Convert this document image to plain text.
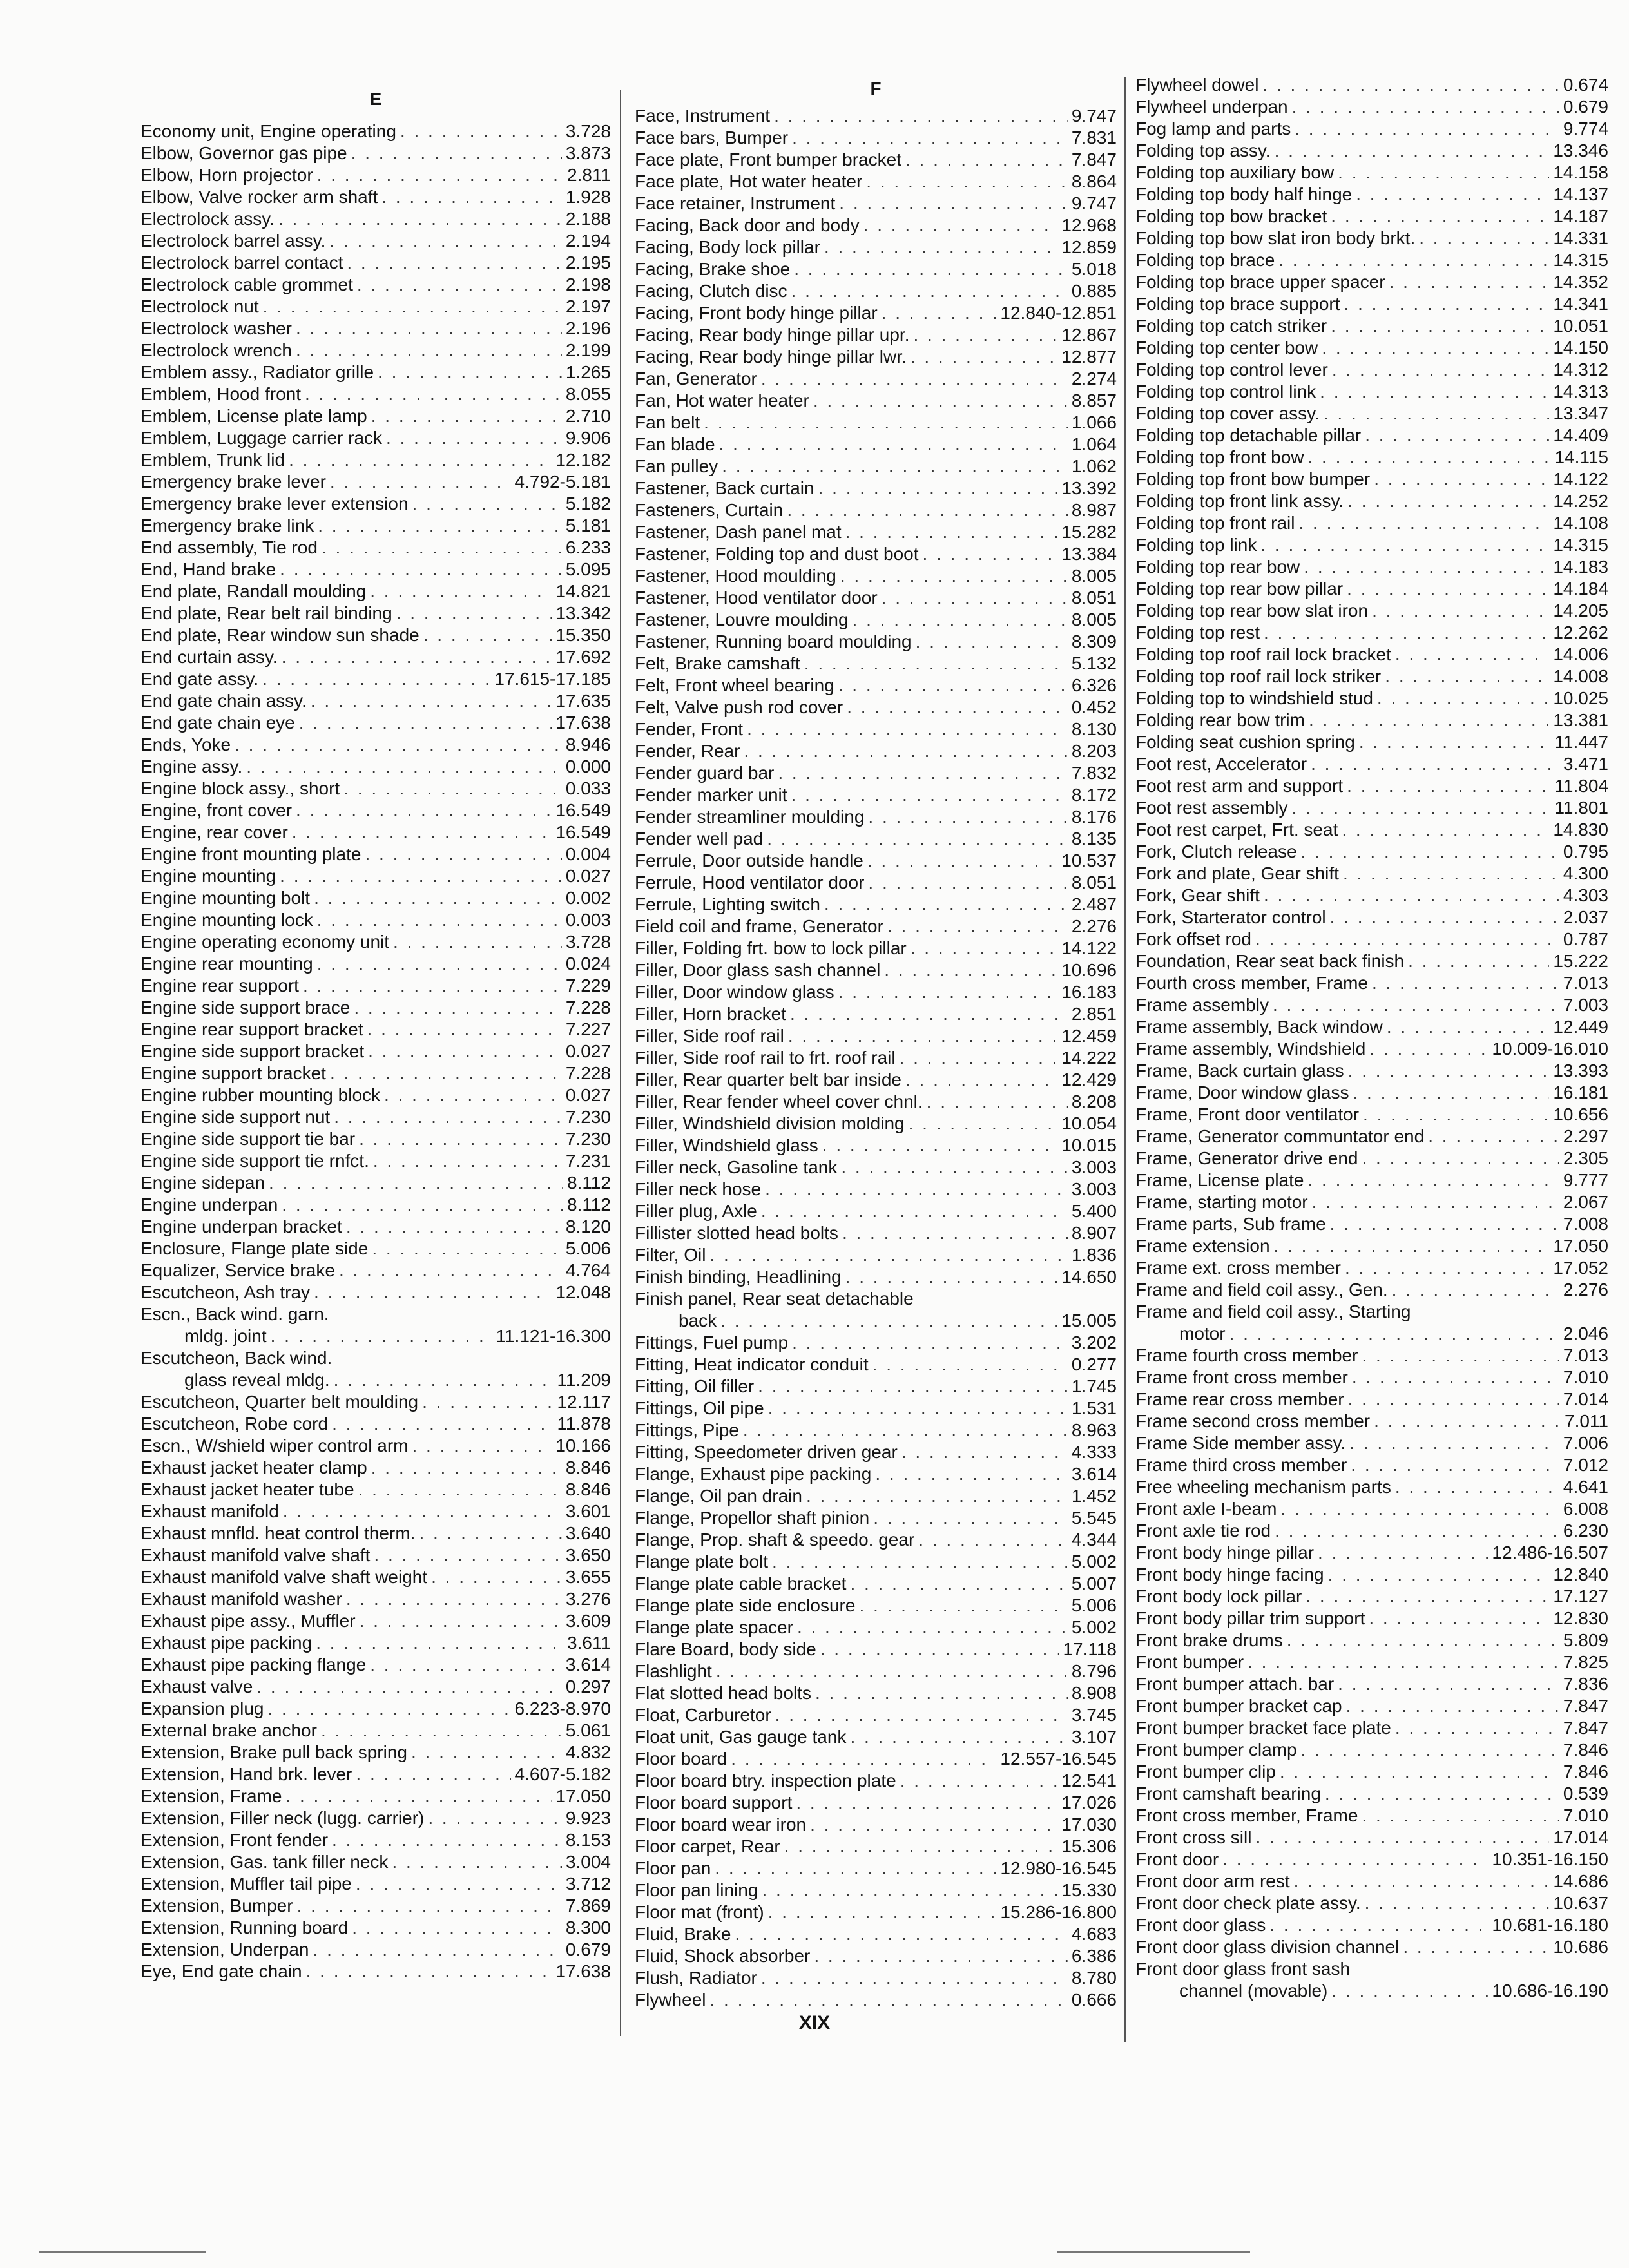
E
Economy unit, Engine operating . . .	3.728
Elbow, Governor gas pipe . . .	3.873
Elbow, Horn projector . . .	2.811
Elbow, Valve rocker arm shaft . . .	1.928
Electrolock assy. . . .	2.188
Electrolock barrel assy. . . .	2.194
Electrolock barrel contact . . .	2.195
Electrolock cable grommet . . .	2.198
Electrolock nut . . .	2.197
Electrolock washer . . .	2.196
Electrolock wrench . . .	2.199
Emblem assy., Radiator grille . . .	1.265
Emblem, Hood front . . .	8.055
Emblem, License plate lamp . . .	2.710
Emblem, Luggage carrier rack . . .	9.906
Emblem, Trunk lid . . .	12.182
Emergency brake lever . . .	4.792-5.181
Emergency brake lever extension . . .	5.182
Emergency brake link . . .	5.181
End assembly, Tie rod . . .	6.233
End, Hand brake . . .	5.095
End plate, Randall moulding . . .	14.821
End plate, Rear belt rail binding . . .	13.342
End plate, Rear window sun shade . . .	15.350
End curtain assy. . . .	17.692
End gate assy. . . .	17.615-17.185
End gate chain assy. . . .	17.635
End gate chain eye . . .	17.638
Ends, Yoke . . .	8.946
Engine assy. . . .	0.000
Engine block assy., short . . .	0.033
Engine, front cover . . .	16.549
Engine, rear cover . . .	16.549
Engine front mounting plate . . .	0.004
Engine mounting . . .	0.027
Engine mounting bolt . . .	0.002
Engine mounting lock . . .	0.003
Engine operating economy unit . . .	3.728
Engine rear mounting . . .	0.024
Engine rear support . . .	7.229
Engine side support brace . . .	7.228
Engine rear support bracket . . .	7.227
Engine side support bracket . . .	0.027
Engine support bracket . . .	7.228
Engine rubber mounting block . . .	0.027
Engine side support nut . . .	7.230
Engine side support tie bar . . .	7.230
Engine side support tie rnfct. . . .	7.231
Engine sidepan . . .	8.112
Engine underpan . . .	8.112
Engine underpan bracket . . .	8.120
Enclosure, Flange plate side . . .	5.006
Equalizer, Service brake . . .	4.764
Escutcheon, Ash tray . . .	12.048
Escn., Back wind. garn.
mldg. joint . . .	11.121-16.300
Escutcheon, Back wind.
glass reveal mldg. . . .	11.209
Escutcheon, Quarter belt moulding . . .	12.117
Escutcheon, Robe cord . . .	11.878
Escn., W/shield wiper control arm . . .	10.166
Exhaust jacket heater clamp . . .	8.846
Exhaust jacket heater tube . . .	8.846
Exhaust manifold . . .	3.601
Exhaust mnfld. heat control therm. . . .	3.640
Exhaust manifold valve shaft . . .	3.650
Exhaust manifold valve shaft weight . . .	3.655
Exhaust manifold washer . . .	3.276
Exhaust pipe assy., Muffler . . .	3.609
Exhaust pipe packing . . .	3.611
Exhaust pipe packing flange . . .	3.614
Exhaust valve . . .	0.297
Expansion plug . . .	6.223-8.970
External brake anchor . . .	5.061
Extension, Brake pull back spring . . .	4.832
Extension, Hand brk. lever . . .	4.607-5.182
Extension, Frame . . .	17.050
Extension, Filler neck (lugg. carrier) . . .	9.923
Extension, Front fender . . .	8.153
Extension, Gas. tank filler neck . . .	3.004
Extension, Muffler tail pipe . . .	3.712
Extension, Bumper . . .	7.869
Extension, Running board . . .	8.300
Extension, Underpan . . .	0.679
Eye, End gate chain . . .	17.638
F
Face, Instrument . . .	9.747
Face bars, Bumper . . .	7.831
Face plate, Front bumper bracket . . .	7.847
Face plate, Hot water heater . . .	8.864
Face retainer, Instrument . . .	9.747
Facing, Back door and body . . .	12.968
Facing, Body lock pillar . . .	12.859
Facing, Brake shoe . . .	5.018
Facing, Clutch disc . . .	0.885
Facing, Front body hinge pillar . . .	12.840-12.851
Facing, Rear body hinge pillar upr. . . .	12.867
Facing, Rear body hinge pillar lwr. . . .	12.877
Fan, Generator . . .	2.274
Fan, Hot water heater . . .	8.857
Fan belt . . .	1.066
Fan blade . . .	1.064
Fan pulley . . .	1.062
Fastener, Back curtain . . .	13.392
Fasteners, Curtain . . .	8.987
Fastener, Dash panel mat . . .	15.282
Fastener, Folding top and dust boot . . .	13.384
Fastener, Hood moulding . . .	8.005
Fastener, Hood ventilator door . . .	8.051
Fastener, Louvre moulding . . .	8.005
Fastener, Running board moulding . . .	8.309
Felt, Brake camshaft . . .	5.132
Felt, Front wheel bearing . . .	6.326
Felt, Valve push rod cover . . .	0.452
Fender, Front . . .	8.130
Fender, Rear . . .	8.203
Fender guard bar . . .	7.832
Fender marker unit . . .	8.172
Fender streamliner moulding . . .	8.176
Fender well pad . . .	8.135
Ferrule, Door outside handle . . .	10.537
Ferrule, Hood ventilator door . . .	8.051
Ferrule, Lighting switch . . .	2.487
Field coil and frame, Generator . . .	2.276
Filler, Folding frt. bow to lock pillar . . .	14.122
Filler, Door glass sash channel . . .	10.696
Filler, Door window glass . . .	16.183
Filler, Horn bracket . . .	2.851
Filler, Side roof rail . . .	12.459
Filler, Side roof rail to frt. roof rail . . .	14.222
Filler, Rear quarter belt bar inside . . .	12.429
Filler, Rear fender wheel cover chnl. . . .	8.208
Filler, Windshield division molding . . .	10.054
Filler, Windshield glass . . .	10.015
Filler neck, Gasoline tank . . .	3.003
Filler neck hose . . .	3.003
Filler plug, Axle . . .	5.400
Fillister slotted head bolts . . .	8.907
Filter, Oil . . .	1.836
Finish binding, Headlining . . .	14.650
Finish panel, Rear seat detachable
back . . .	15.005
Fittings, Fuel pump . . .	3.202
Fitting, Heat indicator conduit . . .	0.277
Fitting, Oil filler . . .	1.745
Fittings, Oil pipe . . .	1.531
Fittings, Pipe . . .	8.963
Fitting, Speedometer driven gear . . .	4.333
Flange, Exhaust pipe packing . . .	3.614
Flange, Oil pan drain . . .	1.452
Flange, Propellor shaft pinion . . .	5.545
Flange, Prop. shaft & speedo. gear . . .	4.344
Flange plate bolt . . .	5.002
Flange plate cable bracket . . .	5.007
Flange plate side enclosure . . .	5.006
Flange plate spacer . . .	5.002
Flare Board, body side . . .	17.118
Flashlight . . .	8.796
Flat slotted head bolts . . .	8.908
Float, Carburetor . . .	3.745
Float unit, Gas gauge tank . . .	3.107
Floor board . . .	12.557-16.545
Floor board btry. inspection plate . . .	12.541
Floor board support . . .	17.026
Floor board wear iron . . .	17.030
Floor carpet, Rear . . .	15.306
Floor pan . . .	12.980-16.545
Floor pan lining . . .	15.330
Floor mat (front) . . .	15.286-16.800
Fluid, Brake . . .	4.683
Fluid, Shock absorber . . .	6.386
Flush, Radiator . . .	8.780
Flywheel . . .	0.666
Flywheel dowel . . .	0.674
Flywheel underpan . . .	0.679
Fog lamp and parts . . .	9.774
Folding top assy. . . .	13.346
Folding top auxiliary bow . . .	14.158
Folding top body half hinge . . .	14.137
Folding top bow bracket . . .	14.187
Folding top bow slat iron body brkt. . . .	14.331
Folding top brace . . .	14.315
Folding top brace upper spacer . . .	14.352
Folding top brace support . . .	14.341
Folding top catch striker . . .	10.051
Folding top center bow . . .	14.150
Folding top control lever . . .	14.312
Folding top control link . . .	14.313
Folding top cover assy. . . .	13.347
Folding top detachable pillar . . .	14.409
Folding top front bow . . .	14.115
Folding top front bow bumper . . .	14.122
Folding top front link assy. . . .	14.252
Folding top front rail . . .	14.108
Folding top link . . .	14.315
Folding top rear bow . . .	14.183
Folding top rear bow pillar . . .	14.184
Folding top rear bow slat iron . . .	14.205
Folding top rest . . .	12.262
Folding top roof rail lock bracket . . .	14.006
Folding top roof rail lock striker . . .	14.008
Folding top to windshield stud . . .	10.025
Folding rear bow trim . . .	13.381
Folding seat cushion spring . . .	11.447
Foot rest, Accelerator . . .	3.471
Foot rest arm and support . . .	11.804
Foot rest assembly . . .	11.801
Foot rest carpet, Frt. seat . . .	14.830
Fork, Clutch release . . .	0.795
Fork and plate, Gear shift . . .	4.300
Fork, Gear shift . . .	4.303
Fork, Starterator control . . .	2.037
Fork offset rod . . .	0.787
Foundation, Rear seat back finish . . .	15.222
Fourth cross member, Frame . . .	7.013
Frame assembly . . .	7.003
Frame assembly, Back window . . .	12.449
Frame assembly, Windshield . . .	10.009-16.010
Frame, Back curtain glass . . .	13.393
Frame, Door window glass . . .	16.181
Frame, Front door ventilator . . .	10.656
Frame, Generator communtator end . . .	2.297
Frame, Generator drive end . . .	2.305
Frame, License plate . . .	9.777
Frame, starting motor . . .	2.067
Frame parts, Sub frame . . .	7.008
Frame extension . . .	17.050
Frame ext. cross member . . .	17.052
Frame and field coil assy., Gen. . . .	2.276
Frame and field coil assy., Starting
motor . . .	2.046
Frame fourth cross member . . .	7.013
Frame front cross member . . .	7.010
Frame rear cross member . . .	7.014
Frame second cross member . . .	7.011
Frame Side member assy. . . .	7.006
Frame third cross member . . .	7.012
Free wheeling mechanism parts . . .	4.641
Front axle I-beam . . .	6.008
Front axle tie rod . . .	6.230
Front body hinge pillar . . .	12.486-16.507
Front body hinge facing . . .	12.840
Front body lock pillar . . .	17.127
Front body pillar trim support . . .	12.830
Front brake drums . . .	5.809
Front bumper . . .	7.825
Front bumper attach. bar . . .	7.836
Front bumper bracket cap . . .	7.847
Front bumper bracket face plate . . .	7.847
Front bumper clamp . . .	7.846
Front bumper clip . . .	7.846
Front camshaft bearing . . .	0.539
Front cross member, Frame . . .	7.010
Front cross sill . . .	17.014
Front door . . .	10.351-16.150
Front door arm rest . . .	14.686
Front door check plate assy. . . .	10.637
Front door glass . . .	10.681-16.180
Front door glass division channel . . .	10.686
Front door glass front sash
channel (movable) . . .	10.686-16.190
XIX
